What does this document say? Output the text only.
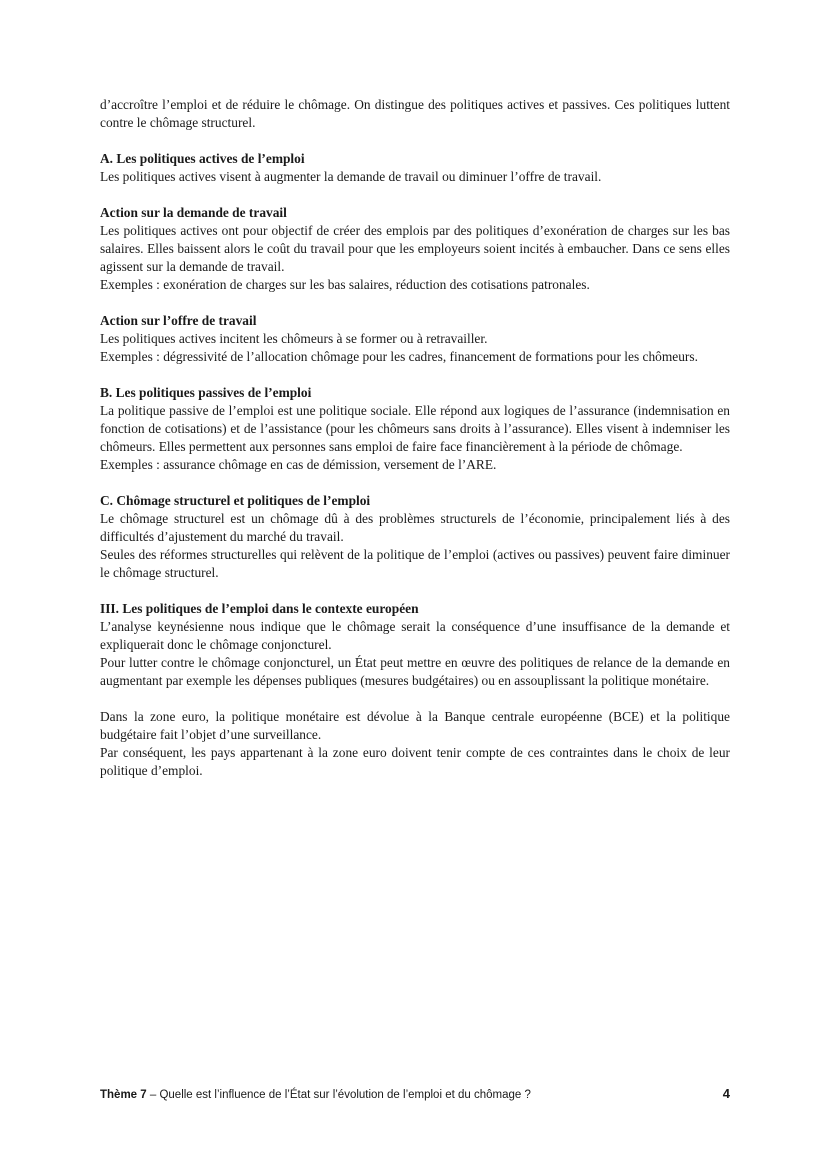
d’accroître l’emploi et de réduire le chômage. On distingue des politiques actives et passives. Ces politiques luttent contre le chômage structurel.

A. Les politiques actives de l’emploi

Les politiques actives visent à augmenter la demande de travail ou diminuer l’offre de travail.

Action sur la demande de travail

Les politiques actives ont pour objectif de créer des emplois par des politiques d’exonération de charges sur les bas salaires. Elles baissent alors le coût du travail pour que les employeurs soient incités à embaucher. Dans ce sens elles agissent sur la demande de travail.

Exemples : exonération de charges sur les bas salaires, réduction des cotisations patronales.

Action sur l’offre de travail

Les politiques actives incitent les chômeurs à se former ou à retravailler.

Exemples : dégressivité de l’allocation chômage pour les cadres, financement de formations pour les chômeurs.

B. Les politiques passives de l’emploi

La politique passive de l’emploi est une politique sociale. Elle répond aux logiques de l’assurance (indemnisation en fonction de cotisations) et de l’assistance (pour les chômeurs sans droits à l’assurance). Elles visent à indemniser les chômeurs. Elles permettent aux personnes sans emploi de faire face financièrement à la période de chômage.

Exemples : assurance chômage en cas de démission, versement de l’ARE.

C. Chômage structurel et politiques de l’emploi

Le chômage structurel est un chômage dû à des problèmes structurels de l’économie, principalement liés à des difficultés d’ajustement du marché du travail.

Seules des réformes structurelles qui relèvent de la politique de l’emploi (actives ou passives) peuvent faire diminuer le chômage structurel.

III. Les politiques de l’emploi dans le contexte européen

L’analyse keynésienne nous indique que le chômage serait la conséquence d’une insuffisance de la demande et expliquerait donc le chômage conjoncturel.

Pour lutter contre le chômage conjoncturel, un État peut mettre en œuvre des politiques de relance de la demande en augmentant par exemple les dépenses publiques (mesures budgétaires) ou en assouplissant la politique monétaire.

Dans la zone euro, la politique monétaire est dévolue à la Banque centrale européenne (BCE) et la politique budgétaire fait l’objet d’une surveillance.

Par conséquent, les pays appartenant à la zone euro doivent tenir compte de ces contraintes dans le choix de leur politique d’emploi.

Thème 7 – Quelle est l’influence de l’État sur l’évolution de l’emploi et du chômage ?	4
